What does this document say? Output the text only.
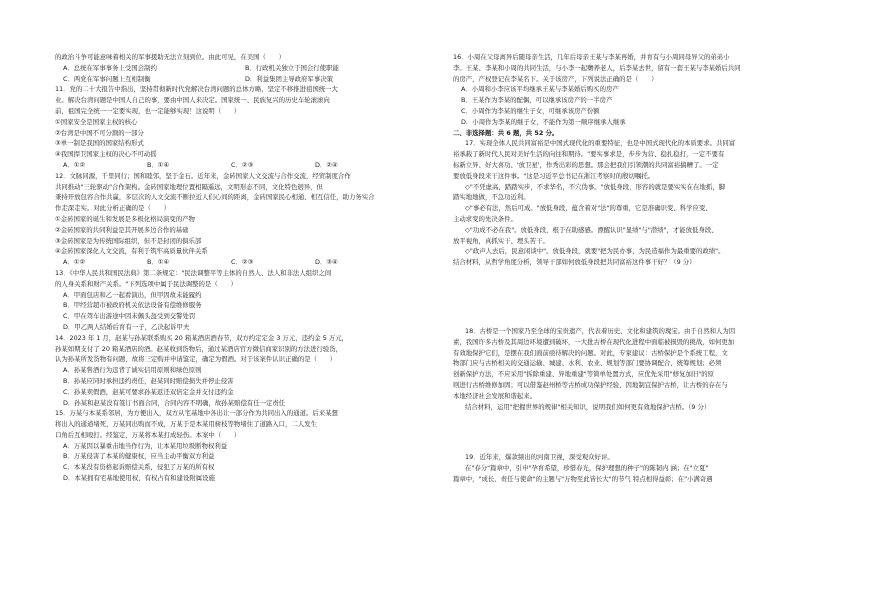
的政治斗争可能意味着相关的军事援助无法立刻到位。由此可见，在美国（　　）
A．总统在军事事务上受国会制约	B．行政机关独立于国会行使职能
C．两党在军事问题上互相制衡	D．利益集团主导政府军事决策
11．党的二十大报告中指出，坚持贯彻新时代党解决台湾问题的总体方略，坚定不移推进祖国统一大
业。解决台湾问题是中国人自己的事，要由中国人来决定。国家统一、民族复兴的历史车轮滚滚向
前，祖国完全统一一定要实现，也一定能够实现！这说明（　　）
①国家安全是国家主权的核心
②台湾是中国不可分割的一部分
③单一制是我国的国家结构形式
④我国捍卫国家主权的决心不可动摇
A．①②	B．①④	C．②③	D．②④
12．文脉同源，千里同行；国和睦邻，坚于金石。近年来，金砖国家人文交流与合作交流，经贸制度合作
共同推动"三轮驱动"合作架构。金砖国家地理位置相隔遥远，文明形态不同，文化特色迥异，但
秉持开放包容合作共赢，多层次的人文交流不断拉近人们心间的距离，金砖国家民心相通、相互信任，助力务实合
作走深走实。对此分析正确的是（　　）
①金砖国家的诞生和发展是多极化格局演变的产物
②金砖国家的共同利益是其开展多边合作的基础
③金砖国家是为传统国际组织，但不是封闭的俱乐部
④金砖国家深化人文交流，有利于筑牢高质量伙伴关系
A．①②	B．①④	C．②③	D．③④
13．《中华人民共和国民法典》第二条规定："民法调整平等主体的自然人、法人和非法人组织之间
的人身关系和财产关系。"下列选项中属于民法调整的是（　　）
A．甲面包店和乙一起看演出，但甲因故未能履约
B．甲经营超市被政府机关依法设备有偿维修服务
C．甲在驾车出游途中因未佩头盔受到交警处罚
D．甲乙两人结婚后育有一子，乙决起诉甲夫
14．2023 年 1 月，赵某与孙某联系购买 20 箱某酒店酒春节，双方约定定金 3 万元，违约金 5 万元，
孙某如期支付了 20 箱某酒店的酒。赵某收到货物后，通过某酒店官方微信商家识别的方法进行验货，
认为孙某所发货物有问题，故将三定购并申请鉴定，确定为假酒。对于该案件认识正确的是（　　）
A．孙某售酒行为违背了诚实信用原则和绿色原则
B．孙某应同时承担违约责任，赵某同时赔偿损失并停止侵害
C．孙某卖假酒，赵某可要求孙某返还双倍定金并支付违约金
D．孙某和赵某没有签订书面合同，合同内容不明确，故孙某赔偿有任一定责任
15．万某与本某系邻居，为方便出入，双方从宅基地中各出让一部分作为共同出入的通道。后来某想
将出入的通道堵死，万某同出购而不成，万某于是本某用树枝等物堵住了道路入口，二人发生
口角后互相殴打。经鉴定，万某将本某打成轻伤。本案中（　　）
A．万某因以暴重击地当作行为，让本某用垃圾断物权利益
B．万某侵害了本某的健康权，应当主动平衡双方利益
C．本某没有资格起诉赔偿关系，侵犯了万某的所有权
D．本某拥有宅基地使用权，有权占有和建设附属设施
16．小周在父母离异后随母亲生活，几年后母亲王某与李某再婚，并育有与小周同母异父的弟弟小
李。王某、李某和小周的共同生活，与小李一起赡养老人，后李某去世，留有一套王某与李某婚后共同
的房产，产权登记在李某名下。关于该房产，下列说法正确的是（　　）
A．小周和小李应该平均继承王某与李某婚后购买的房产
B．王某作为李某的配偶，可以继承该房产的一半房产
C．小周作为李某的继生子女，可继承该房产份额
D．小周作为李某的继子女，不能作为第一顺序继承人继承
二、非选择题：共 6 题，共 52 分。
17．实现全体人民共同富裕是中国式现代化的重要特征，也是中国式现代化的本质要求。共同富
裕承载了新时代人民对美好生活的向往和期待。"要实事求是，步步为营、稳扎稳打，一定不要有
标新立异、好大喜功、'放卫星'，作秀出彩的思想。那会把我们引领潮的共同富裕搞糟了。一定
要放低身段来干这件事。"这是习近平总书记在浙江考察时的殷切嘱托。
◇"不凭虚高，踏踏实步，不求华名，不穴伪事。"放低身段，形容的就是要实实在在地抓，脚
踏实地地做，不急功近利。
◇"事必有法，然后可成。"放低身段，蕴含着对"法"的尊重，它是准确识变、科学应变、
主动求变的先决条件。
◇"功成不必在我"。放低身段，根于在助感感。漂醒认识"显绩"与"潜绩"，才能放低身段、
放平视角，真抓实干、埋头苦干。
◇"政声人去后，民意闲谈中"。放低身段，就要"把为民办事、为民造福作为最重要的政绩"。
结合材料，从哲学角度分析，领导干部如何放低身段把共同富裕这件事干好？（9 分）
18．古桥是一个国家乃至全球的宝贵遗产，代表着历史、文化和建筑的瑰宝。由于自然和人为因
素，我国许多古桥及其周边环境遭到破坏，一大批古桥在现代化进程中面临被损毁的挑战，如何更加
有效地保护它们，是摆在我们面前亟待解决的问题。对此，专家建议：古桥保护是个系统工程，文
物部门应与古桥相关的交通运输、城建、水利、农业、规划等部门要协调配合、统筹规划；必须
创新保护方法，不应采用"拆除重建、异地重建"等简单处置方式，应优先采用"修复加旧"的原
则进行古桥维修加固；可以借鉴赵州桥等古桥成功保护经验，因地制宜保护古桥，让古桥的存在与
本地经济社会发展和谐起来。
结合材料，运用"把握世界的规律"相关知识，说明我们如何更有效地保护古桥。（9 分）
19．近年来，爆款频出的河南卫视，深受观众好评。
在"春分"篇章中，引申"孕育希望，珍惜春光，保护理想的种子"的陈韧内 涵；在"立夏"
篇章中，"成长、责任与使命"的主题与"万物至此皆长大"的节气 特点相得益彰；在"小满奇遇
